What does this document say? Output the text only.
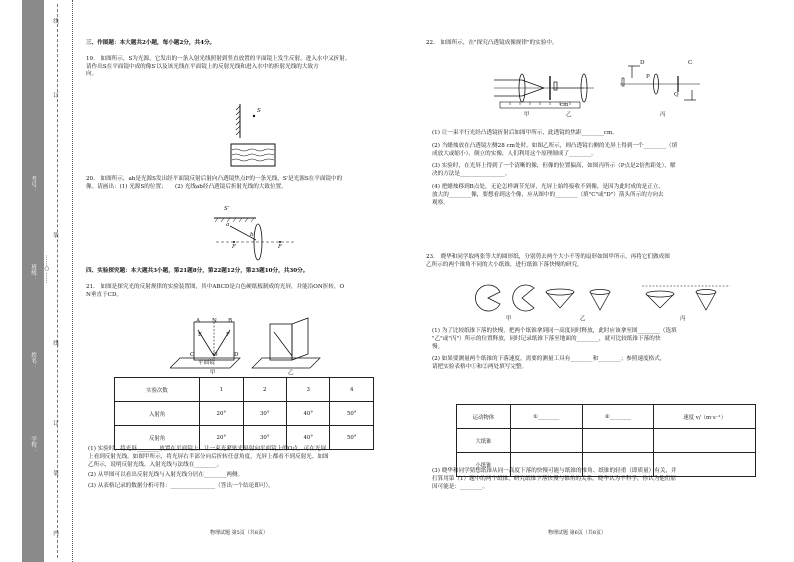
线
订
装
线
订
装
内
……○……
学校：
姓名：
班级：
考号：

三、作图题：本大题共2小题，每小题2分，共4分。

19.　如图所示，S为光源，它发出的一条入射光线照射到竖直放置的平面镜上发生反射，进入水中又折射。

请作出S在平面镜中成的像S′以及该光线在平面镜上的反射光线和进入水中的折射光线的大致方

向。

S

20.　如图所示，ab是光源S发出经平面镜反射后射向凸透镜焦点F的一条光线，S′是光源S在平面镜中的

像。请画出：(1) 光源S的位置；　　(2) 光线ab经凸透镜后折射光线的大致位置。

S′
a
b
F	F

四、实验探究题：本大题共3小题，第21题8分，第22题12分，第23题10分，共30分。

21.　如图是探究光的反射规律的实验装置图，其中ABCD是白色硬纸板制成的光屏，并能沿ON折转，O

N垂直于CD。

A	B
N
C	D
O
E	F
平面镜
甲	乙
实验次数	1	2	3	4
入射角	20°	30°	40°	50°
反射角	20°	30°	40°	50°

(1) 实验时，将光屏________放置在平面镜上，让一束光紧贴光屏射向平面镜上的O点，可在光屏

上看到反射光线。如图甲所示，将光屏右半部分向后折转任意角度，光屏上都看不到反射光。如图

乙所示，说明反射光线、入射光线与法线在________。

(2) 从甲图可以看出反射光线与入射光线分居在________两侧。

(3) 从表格记录的数据分析可得：________________（答出一个结论即可）。

物理试题 第5页（共8页）

22.　如图所示，在"探究凸透镜成像规律"的实验中。

cm
甲	乙	丙
P
Q
D	C

(1) 让一束平行光经凸透镜折射后如图甲所示，此透镜的焦距________cm。

(2) 当蜡烛放在凸透镜左侧28 cm处时，如图乙所示，则凸透镜右侧的光屏上得到一个________（填

成放大或缩小）、倒立的实像，人们利用这个原理制成了________。

(3) 实验时，在光屏上得到了一个清晰的像，但像的位置偏高，如图丙所示（P点是2倍焦距处），解

决的方法是________________。

(4) 把蜡烛移到B点处，无论怎样调节光屏，光屏上始终接收不到像，是因为此时成的是正立、

放大的________像，要想看到这个像，应从图中的________（填"C"或"D"）箭头所示的方向去

观察。

23.　晓华和同学取两张等大的圆形纸，分别剪去两个大小不等的扇形如图甲所示，再将它们做成图

乙所示的两个锥角不同的大小纸锥，进行纸锥下落快慢的研究。

甲	乙	丙

(1) 为了比较纸锥下落的快慢，把两个纸锥拿到同一高度同时释放，此时应该拿至图________（选填

"乙"或"丙"）所示的位置释放，同时记录纸锥下落至地面的________，就可比较纸锥下落的快

慢。

(2) 如果要测量两个纸锥的下落速度，需要的测量工具有________和________；参照速度格式，

请把实验表格中①和②两处填写完整。

运动物体	①________	②________	速度 v/（m·s⁻¹）
大纸锥			
小纸锥			

(3) 晓华和同学猜想纸锥从同一高度下落的快慢可能与纸锥的锥角、纸锥的轻重（即质量）有关，并

打算用第（1）题中的两个纸锥，研究纸锥下落快慢与锥角的关系，晓华认为不科学，你认为他们原

因可能是：________。

物理试题 第6页（共8页）
